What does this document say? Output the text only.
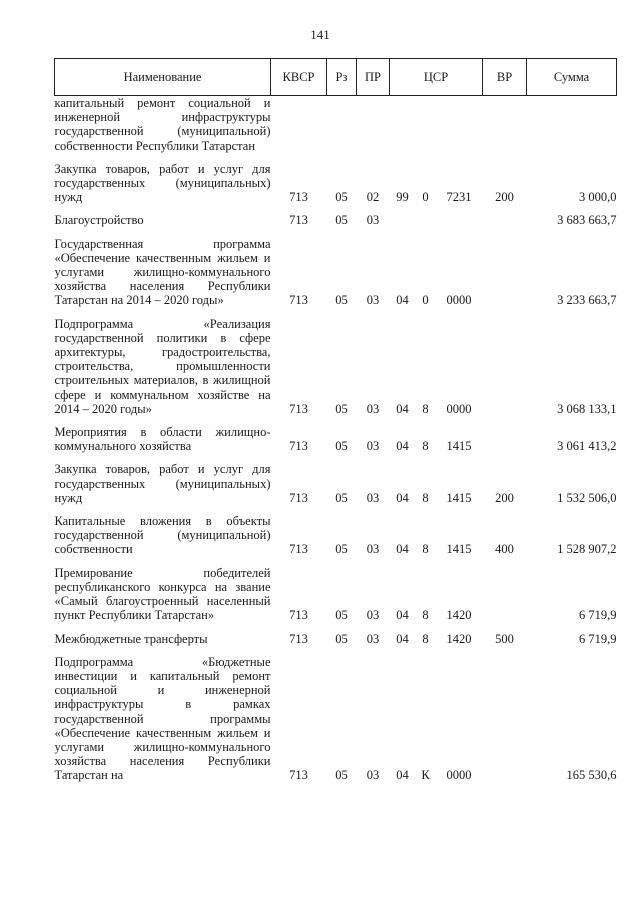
141
Наименование	КВСР	Рз	ПР	ЦСР			ВР	Сумма
капитальный ремонт социальной и инженерной инфраструктуры государственной (муниципальной) собственности Республики Татарстан								
Закупка товаров, работ и услуг для государственных (муниципальных) нужд	713	05	02	99	0	7231	200	3 000,0
Благоустройство	713	05	03					3 683 663,7
Государственная программа «Обеспечение качественным жильем и услугами жилищно-коммунального хозяйства населения Республики Татарстан на 2014 – 2020 годы»	713	05	03	04	0	0000		3 233 663,7
Подпрограмма «Реализация государственной политики в сфере архитектуры, градостроительства, строительства, промышленности строительных материалов, в жилищной сфере и коммунальном хозяйстве на 2014 – 2020 годы»	713	05	03	04	8	0000		3 068 133,1
Мероприятия в области жилищно-коммунального хозяйства	713	05	03	04	8	1415		3 061 413,2
Закупка товаров, работ и услуг для государственных (муниципальных) нужд	713	05	03	04	8	1415	200	1 532 506,0
Капитальные вложения в объекты государственной (муниципальной) собственности	713	05	03	04	8	1415	400	1 528 907,2
Премирование победителей республиканского конкурса на звание «Самый благоустроенный населенный пункт Республики Татарстан»	713	05	03	04	8	1420		6 719,9
Межбюджетные трансферты	713	05	03	04	8	1420	500	6 719,9
Подпрограмма «Бюджетные инвестиции и капитальный ремонт социальной и инженерной инфраструктуры в рамках государственной программы «Обеспечение качественным жильем и услугами жилищно-коммунального хозяйства населения Республики Татарстан на	713	05	03	04	К	0000		165 530,6
